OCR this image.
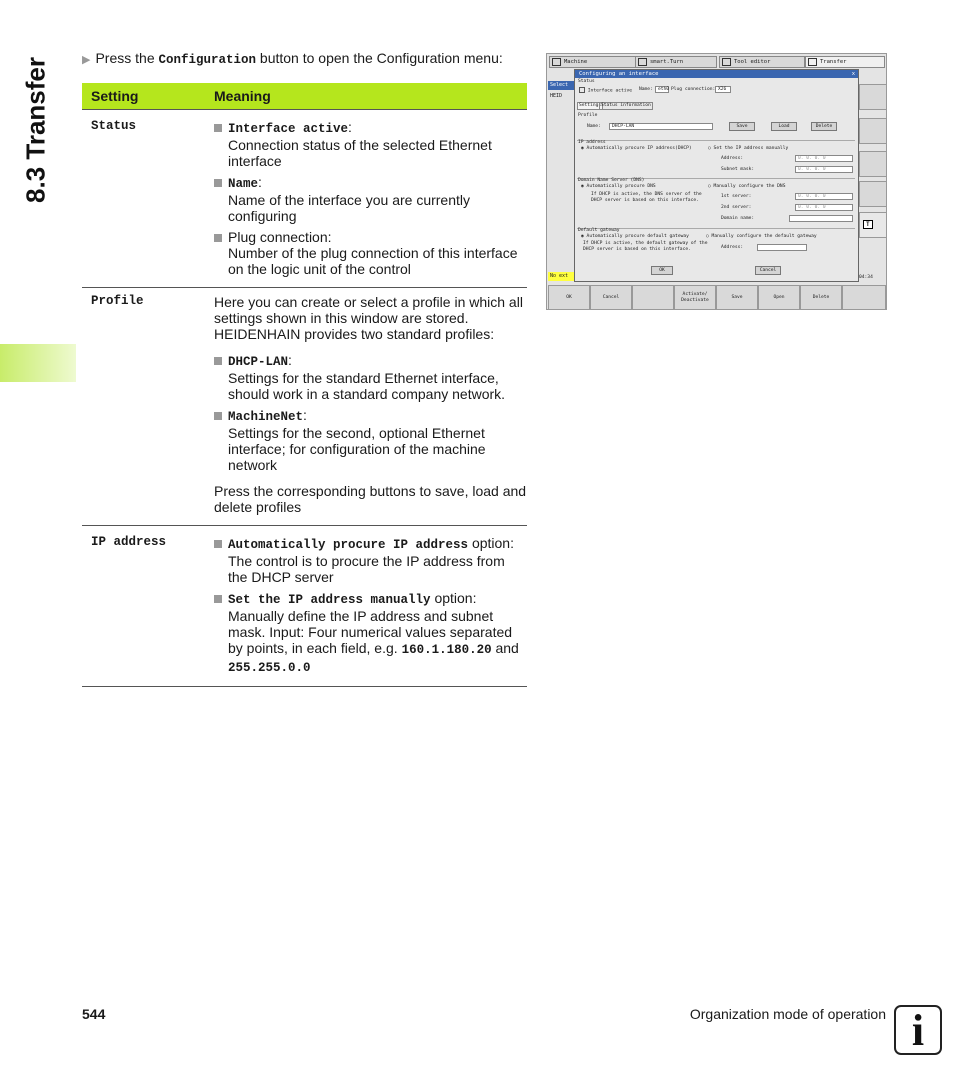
8.3 Transfer	▶ Press the Configuration button to open the Configuration menu:
Setting	Meaning
Status	Interface active:
Connection status of the selected Ethernet interface
Name:
Name of the interface you are currently configuring
Plug connection:
Number of the plug connection of this interface on the logic unit of the control
Profile	Here you can create or select a profile in which all settings shown in this window are stored. HEIDENHAIN provides two standard profiles:
DHCP-LAN:
Settings for the standard Ethernet interface, should work in a standard company network.
MachineNet:
Settings for the second, optional Ethernet interface; for configuration of the machine network
Press the corresponding buttons to save, load and delete profiles
IP address	Automatically procure IP address option: The control is to procure the IP address from the DHCP server
Set the IP address manually option: Manually define the IP address and subnet mask. Input: Four numerical values separated by points, in each field, e.g. 160.1.180.20 and 255.255.0.0
Machine	smart.Turn	Tool editor	Transfer
Select
HEID
No ext
T
04:34
Configuring an interface	x
Status
Interface active Name:	eth0 Plug connection: X26
Settings Status information
Profile
Name:	DHCP-LAN	Save	Load	Delete
IP address
◉ Automatically procure IP address(DHCP)	○ Set the IP address manually
Address:	0. 0. 0. 0
Subnet mask:	0. 0. 0. 0
Domain Name Server (DNS)
◉ Automatically procure DNS	○ Manually configure the DNS
If DHCP is active, the DNS server of the
DHCP server is based on this interface.
1st server:	0. 0. 0. 0
2nd server:	0. 0. 0. 0
Domain name:
Default gateway
◉ Automatically procure default gateway	○ Manually configure the default gateway
If DHCP is active, the default gateway of the
DHCP server is based on this interface.	Address:
OK	Cancel
OK	Cancel
Activate/ Deactivate
Save	Open	Delete
544	Organization mode of operation i
